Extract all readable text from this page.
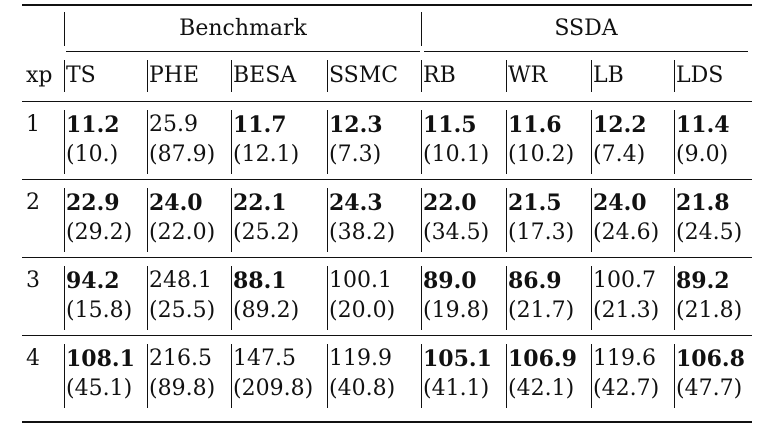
Benchmark	SSDA
xp TS PHE BESA SSMC RB WR LB LDS
1 11.2
(10.)
25.9
(87.9)
11.7
(12.1)
12.3
(7.3)
11.5
(10.1)
11.6
(10.2)
12.2
(7.4)
11.4
(9.0)
2 22.9
(29.2)
24.0
(22.0)
22.1
(25.2)
24.3
(38.2)
22.0
(34.5)
21.5
(17.3)
24.0
(24.6)
21.8
(24.5)
3 94.2
(15.8)
248.1
(25.5)
88.1
(89.2)
100.1
(20.0)
89.0
(19.8)
86.9
(21.7)
100.7
(21.3)
89.2
(21.8)
4 108.1
(45.1)
216.5
(89.8)
147.5
(209.8)
119.9
(40.8)
105.1
(41.1)
106.9
(42.1)
119.6
(42.7)
106.8
(47.7)
